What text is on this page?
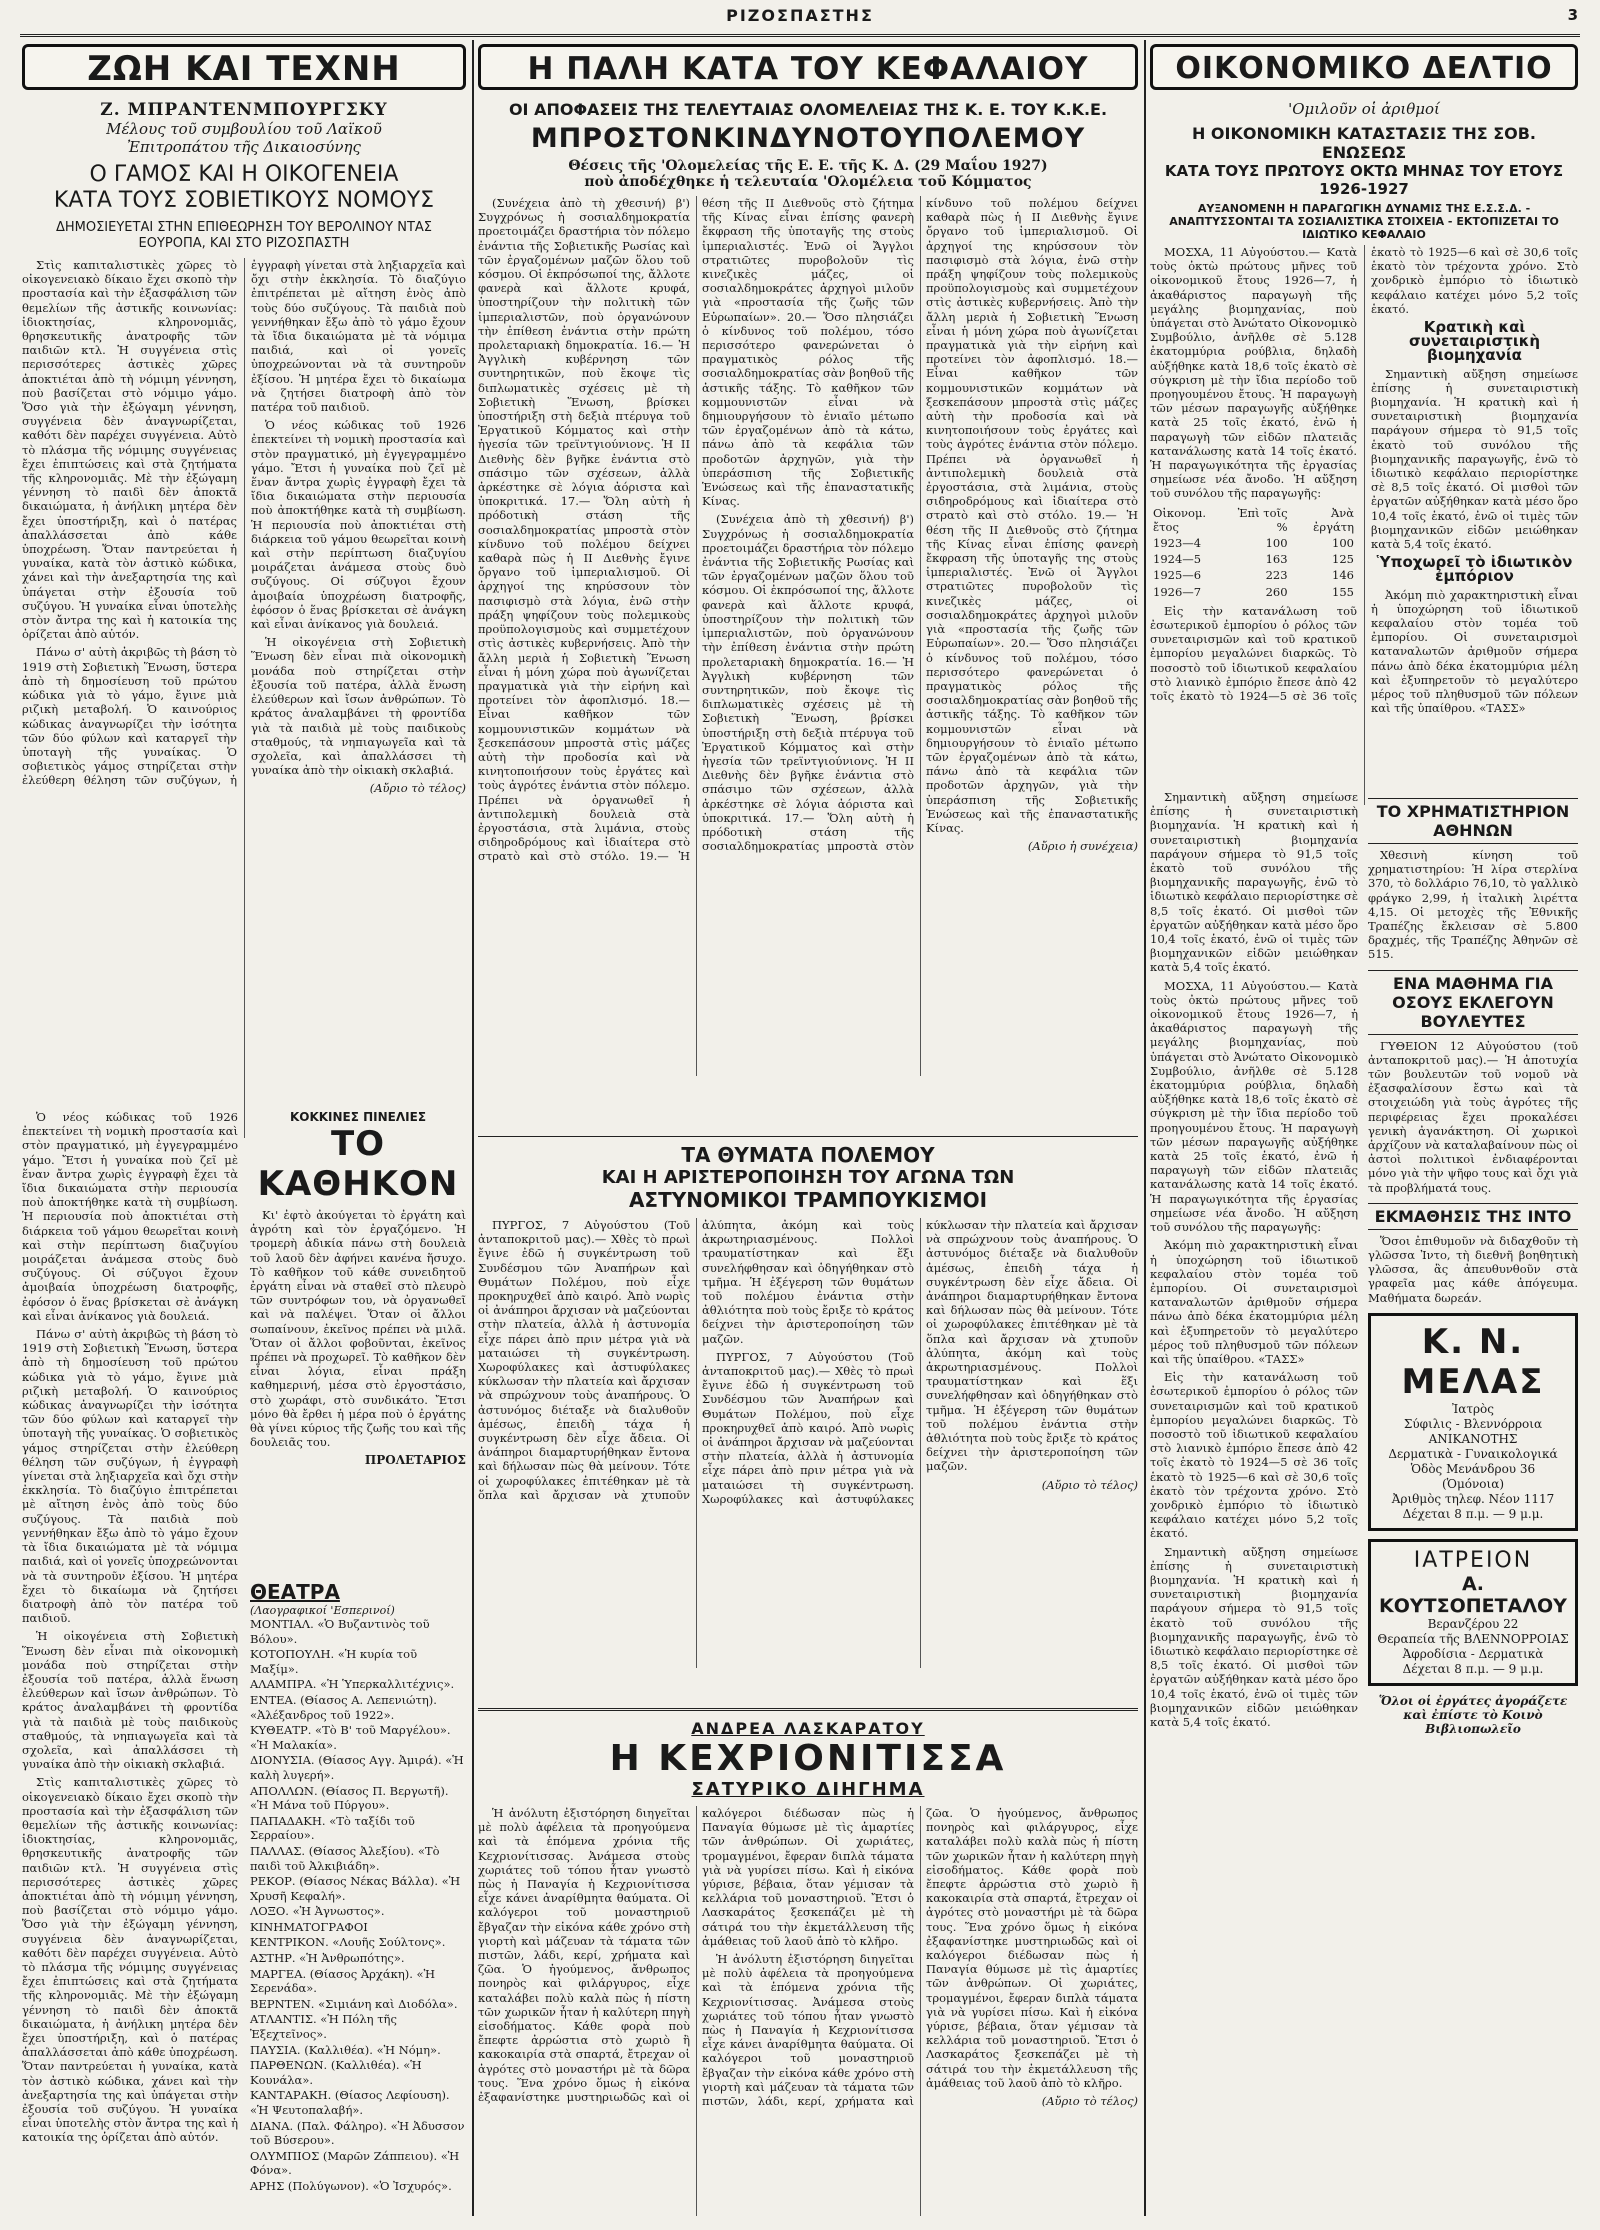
ΡΙΖΟΣΠΑΣΤΗΣ	3
ΖΩΗ ΚΑΙ ΤΕΧΝΗ	Η ΠΑΛΗ ΚΑΤΑ ΤΟΥ ΚΕΦΑΛΑΙΟΥ	ΟΙΚΟΝΟΜΙΚΟ ΔΕΛΤΙΟ
Ζ. ΜΠΡΑΝΤΕΝΜΠΟΥΡΓΣΚΥ
Μέλους τοῦ συμβουλίου τοῦ Λαϊκοῦ
Ἐπιτροπάτου τῆς Δικαιοσύνης
Ο ΓΑΜΟΣ ΚΑΙ Η ΟΙΚΟΓΕΝΕΙΑ
ΚΑΤΑ ΤΟΥΣ ΣΟΒΙΕΤΙΚΟΥΣ ΝΟΜΟΥΣ
ΔΗΜΟΣΙΕΥΕΤΑΙ ΣΤΗΝ ΕΠΙΘΕΩΡΗΣΗ ΤΟΥ ΒΕΡΟΛΙΝΟΥ ΝΤΑΣ ΕΟΥΡΟΠΑ, ΚΑΙ ΣΤΟ ΡΙΖΟΣΠΑΣΤΗ

Στὶς καπιταλιστικὲς χῶρες τὸ οἰκογενειακὸ δίκαιο ἔχει σκοπὸ τὴν προστασία καὶ τὴν ἐξασφάλιση τῶν θεμελίων τῆς ἀστικῆς κοινωνίας: ἰδιοκτησίας, κληρονομιᾶς, θρησκευτικῆς ἀνατροφῆς τῶν παιδιῶν κτλ. Ἡ συγγένεια στὶς περισσότερες ἀστικὲς χῶρες ἀποκτιέται ἀπὸ τὴ νόμιμη γέννηση, ποὺ βασίζεται στὸ νόμιμο γάμο. Ὅσο γιὰ τὴν ἐξώγαμη γέννηση, συγγένεια δὲν ἀναγνωρίζεται, καθότι δὲν παρέχει συγγένεια. Αὐτὸ τὸ πλάσμα τῆς νόμιμης συγγένειας ἔχει ἐπιπτώσεις καὶ στὰ ζητήματα τῆς κληρονομιᾶς. Μὲ τὴν ἐξώγαμη γέννηση τὸ παιδὶ δὲν ἀποκτᾶ δικαιώματα, ἡ ἀνήλικη μητέρα δὲν ἔχει ὑποστήριξη, καὶ ὁ πατέρας ἀπαλλάσσεται ἀπὸ κάθε ὑποχρέωση. Ὅταν παντρεύεται ἡ γυναίκα, κατὰ τὸν ἀστικὸ κώδικα, χάνει καὶ τὴν ἀνεξαρτησία της καὶ ὑπάγεται στὴν ἐξουσία τοῦ συζύγου. Ἡ γυναίκα εἶναι ὑποτελὴς στὸν ἄντρα της καὶ ἡ κατοικία της ὁρίζεται ἀπὸ αὐτόν.

Πάνω σ' αὐτὴ ἀκριβῶς τὴ βάση τὸ 1919 στὴ Σοβιετικὴ Ἕνωση, ὕστερα ἀπὸ τὴ δημοσίευση τοῦ πρώτου κώδικα γιὰ τὸ γάμο, ἔγινε μιὰ ριζικὴ μεταβολή. Ὁ καινούριος κώδικας ἀναγνωρίζει τὴν ἰσότητα τῶν δύο φύλων καὶ καταργεῖ τὴν ὑποταγὴ τῆς γυναίκας. Ὁ σοβιετικὸς γάμος στηρίζεται στὴν ἐλεύθερη θέληση τῶν συζύγων, ἡ ἐγγραφὴ γίνεται στὰ ληξιαρχεῖα καὶ ὄχι στὴν ἐκκλησία. Τὸ διαζύγιο ἐπιτρέπεται μὲ αἴτηση ἑνὸς ἀπὸ τοὺς δύο συζύγους. Τὰ παιδιὰ ποὺ γεννήθηκαν ἔξω ἀπὸ τὸ γάμο ἔχουν τὰ ἴδια δικαιώματα μὲ τὰ νόμιμα παιδιά, καὶ οἱ γονεῖς ὑποχρεώνονται νὰ τὰ συντηροῦν ἐξίσου. Ἡ μητέρα ἔχει τὸ δικαίωμα νὰ ζητήσει διατροφὴ ἀπὸ τὸν πατέρα τοῦ παιδιοῦ.

Ὁ νέος κώδικας τοῦ 1926 ἐπεκτείνει τὴ νομικὴ προστασία καὶ στὸν πραγματικό, μὴ ἐγγεγραμμένο γάμο. Ἔτσι ἡ γυναίκα ποὺ ζεῖ μὲ ἕναν ἄντρα χωρὶς ἐγγραφὴ ἔχει τὰ ἴδια δικαιώματα στὴν περιουσία ποὺ ἀποκτήθηκε κατὰ τὴ συμβίωση. Ἡ περιουσία ποὺ ἀποκτιέται στὴ διάρκεια τοῦ γάμου θεωρεῖται κοινὴ καὶ στὴν περίπτωση διαζυγίου μοιράζεται ἀνάμεσα στοὺς δυὸ συζύγους. Οἱ σύζυγοι ἔχουν ἀμοιβαία ὑποχρέωση διατροφῆς, ἐφόσον ὁ ἕνας βρίσκεται σὲ ἀνάγκη καὶ εἶναι ἀνίκανος γιὰ δουλειά.

Ἡ οἰκογένεια στὴ Σοβιετικὴ Ἕνωση δὲν εἶναι πιὰ οἰκονομικὴ μονάδα ποὺ στηρίζεται στὴν ἐξουσία τοῦ πατέρα, ἀλλὰ ἕνωση ἐλεύθερων καὶ ἴσων ἀνθρώπων. Τὸ κράτος ἀναλαμβάνει τὴ φροντίδα γιὰ τὰ παιδιὰ μὲ τοὺς παιδικοὺς σταθμούς, τὰ νηπιαγωγεῖα καὶ τὰ σχολεῖα, καὶ ἀπαλλάσσει τὴ γυναίκα ἀπὸ τὴν οἰκιακὴ σκλαβιά.

(Αὔριο τὸ τέλος)

ΚΟΚΚΙΝΕΣ ΠΙΝΕΛΙΕΣ
ΤΟ ΚΑΘΗΚΟΝ

Κι' ἐφτὸ ἀκούγεται τὸ ἐργάτη καὶ ἀγρότη καὶ τὸν ἐργαζόμενο. Ἡ τρομερὴ ἀδικία πάνω στὴ δουλειὰ τοῦ λαοῦ δὲν ἀφήνει κανένα ἥσυχο. Τὸ καθῆκον τοῦ κάθε συνειδητοῦ ἐργάτη εἶναι νὰ σταθεῖ στὸ πλευρὸ τῶν συντρόφων του, νὰ ὀργανωθεῖ καὶ νὰ παλέψει. Ὅταν οἱ ἄλλοι σωπαίνουν, ἐκεῖνος πρέπει νὰ μιλᾶ. Ὅταν οἱ ἄλλοι φοβοῦνται, ἐκεῖνος πρέπει νὰ προχωρεῖ. Τὸ καθῆκον δὲν εἶναι λόγια, εἶναι πράξη καθημερινή, μέσα στὸ ἐργοστάσιο, στὸ χωράφι, στὸ συνδικάτο. Ἔτσι μόνο θὰ ἔρθει ἡ μέρα ποὺ ὁ ἐργάτης θὰ γίνει κύριος τῆς ζωῆς του καὶ τῆς δουλειᾶς του.

ΠΡΟΛΕΤΑΡΙΟΣ
ΘΕΑΤΡΑ
(Λαογραφικοί 'Εσπερινοί)
ΜΟΝΤΙΑΛ. «Ὁ Βυζαντινὸς τοῦ Βόλου».
ΚΟΤΟΠΟΥΛΗ. «Ἡ κυρία τοῦ Μαξίμ».
ΑΛΑΜΠΡΑ. «Ἡ Ὑπερκαλλιτέχνις».
ΕΝΤΕΑ. (Θίασος Α. Λεπενιώτη). «Ἀλέξανδρος τοῦ 1922».
ΚΥΘΕΑΤΡ. «Τὸ Β' τοῦ Μαργέλου». «Ἡ Μαλακία».
ΔΙΟΝΥΣΙΑ. (Θίασος Αγγ. Ἀμιρά). «Ἡ καλὴ λυγερή».
ΑΠΟΛΛΩΝ. (Θίασος Π. Βεργωτῆ). «Ἡ Μάνα τοῦ Πύργου».
ΠΑΠΑΔΑΚΗ. «Τὸ ταξίδι τοῦ Σερραίου».
ΠΑΛΛΑΣ. (Θίασος Ἀλεξίου). «Τὸ παιδὶ τοῦ Ἀλκιβιάδη».
ΡΕΚΟΡ. (Θίασος Νέκας Βάλλα). «Ἡ Χρυσῆ Κεφαλή».
ΛΟΞΟ. «Ἡ Ἀγνωστος».
ΚΙΝΗΜΑΤΟΓΡΑΦΟΙ
ΚΕΝΤΡΙΚΟΝ. «Λουῆς Σούλτονς».
ΑΣΤΗΡ. «Ἡ Ἀνθρωπότης».
ΜΑΡΓΕΑ. (Θίασος Ἀρχάκη). «Ἡ Σερενάδα».
ΒΕΡΝΤΕΝ. «Σιμιάνη καὶ Διοδόλα».
ΑΤΛΑΝΤΙΣ. «Ἡ Πόλη τῆς Ἐξεχτεῖνος».
ΠΑΥΣΙΑ. (Καλλιθέα). «Ἡ Νόμη».
ΠΑΡΘΕΝΩΝ. (Καλλιθέα). «Ἡ Κουνάλα».
ΚΑΝΤΑΡΑΚΗ. (Θίασος Λεφίουση). «Ἡ Ψευτοπαλαβή».
ΔΙΑΝΑ. (Παλ. Φάληρο). «Ἡ Ἀδυσσον τοῦ Βύσερου».
ΟΛΥΜΠΙΟΣ (Μαρῶν Ζάππειου). «Ἡ Φόνα».
ΑΡΗΣ (Πολύγωνον). «Ὁ Ἰσχυρός».

Ὁ νέος κώδικας τοῦ 1926 ἐπεκτείνει τὴ νομικὴ προστασία καὶ στὸν πραγματικό, μὴ ἐγγεγραμμένο γάμο. Ἔτσι ἡ γυναίκα ποὺ ζεῖ μὲ ἕναν ἄντρα χωρὶς ἐγγραφὴ ἔχει τὰ ἴδια δικαιώματα στὴν περιουσία ποὺ ἀποκτήθηκε κατὰ τὴ συμβίωση. Ἡ περιουσία ποὺ ἀποκτιέται στὴ διάρκεια τοῦ γάμου θεωρεῖται κοινὴ καὶ στὴν περίπτωση διαζυγίου μοιράζεται ἀνάμεσα στοὺς δυὸ συζύγους. Οἱ σύζυγοι ἔχουν ἀμοιβαία ὑποχρέωση διατροφῆς, ἐφόσον ὁ ἕνας βρίσκεται σὲ ἀνάγκη καὶ εἶναι ἀνίκανος γιὰ δουλειά.

Πάνω σ' αὐτὴ ἀκριβῶς τὴ βάση τὸ 1919 στὴ Σοβιετικὴ Ἕνωση, ὕστερα ἀπὸ τὴ δημοσίευση τοῦ πρώτου κώδικα γιὰ τὸ γάμο, ἔγινε μιὰ ριζικὴ μεταβολή. Ὁ καινούριος κώδικας ἀναγνωρίζει τὴν ἰσότητα τῶν δύο φύλων καὶ καταργεῖ τὴν ὑποταγὴ τῆς γυναίκας. Ὁ σοβιετικὸς γάμος στηρίζεται στὴν ἐλεύθερη θέληση τῶν συζύγων, ἡ ἐγγραφὴ γίνεται στὰ ληξιαρχεῖα καὶ ὄχι στὴν ἐκκλησία. Τὸ διαζύγιο ἐπιτρέπεται μὲ αἴτηση ἑνὸς ἀπὸ τοὺς δύο συζύγους. Τὰ παιδιὰ ποὺ γεννήθηκαν ἔξω ἀπὸ τὸ γάμο ἔχουν τὰ ἴδια δικαιώματα μὲ τὰ νόμιμα παιδιά, καὶ οἱ γονεῖς ὑποχρεώνονται νὰ τὰ συντηροῦν ἐξίσου. Ἡ μητέρα ἔχει τὸ δικαίωμα νὰ ζητήσει διατροφὴ ἀπὸ τὸν πατέρα τοῦ παιδιοῦ.

Ἡ οἰκογένεια στὴ Σοβιετικὴ Ἕνωση δὲν εἶναι πιὰ οἰκονομικὴ μονάδα ποὺ στηρίζεται στὴν ἐξουσία τοῦ πατέρα, ἀλλὰ ἕνωση ἐλεύθερων καὶ ἴσων ἀνθρώπων. Τὸ κράτος ἀναλαμβάνει τὴ φροντίδα γιὰ τὰ παιδιὰ μὲ τοὺς παιδικοὺς σταθμούς, τὰ νηπιαγωγεῖα καὶ τὰ σχολεῖα, καὶ ἀπαλλάσσει τὴ γυναίκα ἀπὸ τὴν οἰκιακὴ σκλαβιά.

Στὶς καπιταλιστικὲς χῶρες τὸ οἰκογενειακὸ δίκαιο ἔχει σκοπὸ τὴν προστασία καὶ τὴν ἐξασφάλιση τῶν θεμελίων τῆς ἀστικῆς κοινωνίας: ἰδιοκτησίας, κληρονομιᾶς, θρησκευτικῆς ἀνατροφῆς τῶν παιδιῶν κτλ. Ἡ συγγένεια στὶς περισσότερες ἀστικὲς χῶρες ἀποκτιέται ἀπὸ τὴ νόμιμη γέννηση, ποὺ βασίζεται στὸ νόμιμο γάμο. Ὅσο γιὰ τὴν ἐξώγαμη γέννηση, συγγένεια δὲν ἀναγνωρίζεται, καθότι δὲν παρέχει συγγένεια. Αὐτὸ τὸ πλάσμα τῆς νόμιμης συγγένειας ἔχει ἐπιπτώσεις καὶ στὰ ζητήματα τῆς κληρονομιᾶς. Μὲ τὴν ἐξώγαμη γέννηση τὸ παιδὶ δὲν ἀποκτᾶ δικαιώματα, ἡ ἀνήλικη μητέρα δὲν ἔχει ὑποστήριξη, καὶ ὁ πατέρας ἀπαλλάσσεται ἀπὸ κάθε ὑποχρέωση. Ὅταν παντρεύεται ἡ γυναίκα, κατὰ τὸν ἀστικὸ κώδικα, χάνει καὶ τὴν ἀνεξαρτησία της καὶ ὑπάγεται στὴν ἐξουσία τοῦ συζύγου. Ἡ γυναίκα εἶναι ὑποτελὴς στὸν ἄντρα της καὶ ἡ κατοικία της ὁρίζεται ἀπὸ αὐτόν.

ΟΙ ΑΠΟΦΑΣΕΙΣ ΤΗΣ ΤΕΛΕΥΤΑΙΑΣ ΟΛΟΜΕΛΕΙΑΣ ΤΗΣ Κ. Ε. ΤΟΥ Κ.Κ.Ε.
ΜΠΡΟΣΤΟΝΚΙΝΔΥΝΟΤΟΥΠΟΛΕΜΟΥ
Θέσεις τῆς 'Ολομελείας τῆς Ε. Ε. τῆς Κ. Δ. (29 Μαΐου 1927)
ποὺ ἀποδέχθηκε ἡ τελευταία 'Ολομέλεια τοῦ Κόμματος

(Συνέχεια ἀπὸ τὴ χθεσινή) β') Συγχρόνως ἡ σοσιαλδημοκρατία προετοιμάζει δραστήρια τὸν πόλεμο ἐνάντια τῆς Σοβιετικῆς Ρωσίας καὶ τῶν ἐργαζομένων μαζῶν ὅλου τοῦ κόσμου. Οἱ ἐκπρόσωποί της, ἄλλοτε φανερὰ καὶ ἄλλοτε κρυφά, ὑποστηρίζουν τὴν πολιτικὴ τῶν ἰμπεριαλιστῶν, ποὺ ὀργανώνουν τὴν ἐπίθεση ἐνάντια στὴν πρώτη προλεταριακὴ δημοκρατία. 16.— Ἡ Ἀγγλικὴ κυβέρνηση τῶν συντηρητικῶν, ποὺ ἔκοψε τὶς διπλωματικὲς σχέσεις μὲ τὴ Σοβιετικὴ Ἕνωση, βρίσκει ὑποστήριξη στὴ δεξιὰ πτέρυγα τοῦ Ἐργατικοῦ Κόμματος καὶ στὴν ἡγεσία τῶν τρεϊντγιούνιονς. Ἡ ΙΙ Διεθνὴς δὲν βγῆκε ἐνάντια στὸ σπάσιμο τῶν σχέσεων, ἀλλὰ ἀρκέστηκε σὲ λόγια ἀόριστα καὶ ὑποκριτικά. 17.— Ὅλη αὐτὴ ἡ πρόδοτικὴ στάση τῆς σοσιαλδημοκρατίας μπροστὰ στὸν κίνδυνο τοῦ πολέμου δείχνει καθαρὰ πὼς ἡ ΙΙ Διεθνὴς ἔγινε ὄργανο τοῦ ἰμπεριαλισμοῦ. Οἱ ἀρχηγοί της κηρύσσουν τὸν πασιφισμὸ στὰ λόγια, ἐνῶ στὴν πράξη ψηφίζουν τοὺς πολεμικοὺς προϋπολογισμοὺς καὶ συμμετέχουν στὶς ἀστικὲς κυβερνήσεις. Ἀπὸ τὴν ἄλλη μεριὰ ἡ Σοβιετικὴ Ἕνωση εἶναι ἡ μόνη χώρα ποὺ ἀγωνίζεται πραγματικὰ γιὰ τὴν εἰρήνη καὶ προτείνει τὸν ἀφοπλισμό. 18.— Εἶναι καθῆκον τῶν κομμουνιστικῶν κομμάτων νὰ ξεσκεπάσουν μπροστὰ στὶς μάζες αὐτὴ τὴν προδοσία καὶ νὰ κινητοποιήσουν τοὺς ἐργάτες καὶ τοὺς ἀγρότες ἐνάντια στὸν πόλεμο. Πρέπει νὰ ὀργανωθεῖ ἡ ἀντιπολεμικὴ δουλειὰ στὰ ἐργοστάσια, στὰ λιμάνια, στοὺς σιδηροδρόμους καὶ ἰδιαίτερα στὸ στρατὸ καὶ στὸ στόλο. 19.— Ἡ θέση τῆς ΙΙ Διεθνοῦς στὸ ζήτημα τῆς Κίνας εἶναι ἐπίσης φανερὴ ἔκφραση τῆς ὑποταγῆς της στοὺς ἰμπεριαλιστές. Ἐνῶ οἱ Ἄγγλοι στρατιῶτες πυροβολοῦν τὶς κινεζικὲς μάζες, οἱ σοσιαλδημοκράτες ἀρχηγοὶ μιλοῦν γιὰ «προστασία τῆς ζωῆς τῶν Εὐρωπαίων». 20.— Ὅσο πλησιάζει ὁ κίνδυνος τοῦ πολέμου, τόσο περισσότερο φανερώνεται ὁ πραγματικὸς ρόλος τῆς σοσιαλδημοκρατίας σὰν βοηθοῦ τῆς ἀστικῆς τάξης. Τὸ καθῆκον τῶν κομμουνιστῶν εἶναι νὰ δημιουργήσουν τὸ ἑνιαῖο μέτωπο τῶν ἐργαζομένων ἀπὸ τὰ κάτω, πάνω ἀπὸ τὰ κεφάλια τῶν προδοτῶν ἀρχηγῶν, γιὰ τὴν ὑπεράσπιση τῆς Σοβιετικῆς Ἑνώσεως καὶ τῆς ἐπαναστατικῆς Κίνας.

(Συνέχεια ἀπὸ τὴ χθεσινή) β') Συγχρόνως ἡ σοσιαλδημοκρατία προετοιμάζει δραστήρια τὸν πόλεμο ἐνάντια τῆς Σοβιετικῆς Ρωσίας καὶ τῶν ἐργαζομένων μαζῶν ὅλου τοῦ κόσμου. Οἱ ἐκπρόσωποί της, ἄλλοτε φανερὰ καὶ ἄλλοτε κρυφά, ὑποστηρίζουν τὴν πολιτικὴ τῶν ἰμπεριαλιστῶν, ποὺ ὀργανώνουν τὴν ἐπίθεση ἐνάντια στὴν πρώτη προλεταριακὴ δημοκρατία. 16.— Ἡ Ἀγγλικὴ κυβέρνηση τῶν συντηρητικῶν, ποὺ ἔκοψε τὶς διπλωματικὲς σχέσεις μὲ τὴ Σοβιετικὴ Ἕνωση, βρίσκει ὑποστήριξη στὴ δεξιὰ πτέρυγα τοῦ Ἐργατικοῦ Κόμματος καὶ στὴν ἡγεσία τῶν τρεϊντγιούνιονς. Ἡ ΙΙ Διεθνὴς δὲν βγῆκε ἐνάντια στὸ σπάσιμο τῶν σχέσεων, ἀλλὰ ἀρκέστηκε σὲ λόγια ἀόριστα καὶ ὑποκριτικά. 17.— Ὅλη αὐτὴ ἡ πρόδοτικὴ στάση τῆς σοσιαλδημοκρατίας μπροστὰ στὸν κίνδυνο τοῦ πολέμου δείχνει καθαρὰ πὼς ἡ ΙΙ Διεθνὴς ἔγινε ὄργανο τοῦ ἰμπεριαλισμοῦ. Οἱ ἀρχηγοί της κηρύσσουν τὸν πασιφισμὸ στὰ λόγια, ἐνῶ στὴν πράξη ψηφίζουν τοὺς πολεμικοὺς προϋπολογισμοὺς καὶ συμμετέχουν στὶς ἀστικὲς κυβερνήσεις. Ἀπὸ τὴν ἄλλη μεριὰ ἡ Σοβιετικὴ Ἕνωση εἶναι ἡ μόνη χώρα ποὺ ἀγωνίζεται πραγματικὰ γιὰ τὴν εἰρήνη καὶ προτείνει τὸν ἀφοπλισμό. 18.— Εἶναι καθῆκον τῶν κομμουνιστικῶν κομμάτων νὰ ξεσκεπάσουν μπροστὰ στὶς μάζες αὐτὴ τὴν προδοσία καὶ νὰ κινητοποιήσουν τοὺς ἐργάτες καὶ τοὺς ἀγρότες ἐνάντια στὸν πόλεμο. Πρέπει νὰ ὀργανωθεῖ ἡ ἀντιπολεμικὴ δουλειὰ στὰ ἐργοστάσια, στὰ λιμάνια, στοὺς σιδηροδρόμους καὶ ἰδιαίτερα στὸ στρατὸ καὶ στὸ στόλο. 19.— Ἡ θέση τῆς ΙΙ Διεθνοῦς στὸ ζήτημα τῆς Κίνας εἶναι ἐπίσης φανερὴ ἔκφραση τῆς ὑποταγῆς της στοὺς ἰμπεριαλιστές. Ἐνῶ οἱ Ἄγγλοι στρατιῶτες πυροβολοῦν τὶς κινεζικὲς μάζες, οἱ σοσιαλδημοκράτες ἀρχηγοὶ μιλοῦν γιὰ «προστασία τῆς ζωῆς τῶν Εὐρωπαίων». 20.— Ὅσο πλησιάζει ὁ κίνδυνος τοῦ πολέμου, τόσο περισσότερο φανερώνεται ὁ πραγματικὸς ρόλος τῆς σοσιαλδημοκρατίας σὰν βοηθοῦ τῆς ἀστικῆς τάξης. Τὸ καθῆκον τῶν κομμουνιστῶν εἶναι νὰ δημιουργήσουν τὸ ἑνιαῖο μέτωπο τῶν ἐργαζομένων ἀπὸ τὰ κάτω, πάνω ἀπὸ τὰ κεφάλια τῶν προδοτῶν ἀρχηγῶν, γιὰ τὴν ὑπεράσπιση τῆς Σοβιετικῆς Ἑνώσεως καὶ τῆς ἐπαναστατικῆς Κίνας.

(Αὔριο ἡ συνέχεια)

ΤΑ ΘΥΜΑΤΑ ΠΟΛΕΜΟΥ
ΚΑΙ Η ΑΡΙΣΤΕΡΟΠΟΙΗΣΗ ΤΟΥ ΑΓΩΝΑ ΤΩΝ
ΑΣΤΥΝΟΜΙΚΟΙ ΤΡΑΜΠΟΥΚΙΣΜΟΙ

ΠΥΡΓΟΣ, 7 Αὐγούστου (Τοῦ ἀνταποκριτοῦ μας).— Χθὲς τὸ πρωὶ ἔγινε ἐδῶ ἡ συγκέντρωση τοῦ Συνδέσμου τῶν Ἀναπήρων καὶ Θυμάτων Πολέμου, ποὺ εἶχε προκηρυχθεῖ ἀπὸ καιρό. Ἀπὸ νωρὶς οἱ ἀνάπηροι ἄρχισαν νὰ μαζεύονται στὴν πλατεία, ἀλλὰ ἡ ἀστυνομία εἶχε πάρει ἀπὸ πριν μέτρα γιὰ νὰ ματαιώσει τὴ συγκέντρωση. Χωροφύλακες καὶ ἀστυφύλακες κύκλωσαν τὴν πλατεία καὶ ἄρχισαν νὰ σπρώχνουν τοὺς ἀναπήρους. Ὁ ἀστυνόμος διέταξε νὰ διαλυθοῦν ἀμέσως, ἐπειδὴ τάχα ἡ συγκέντρωση δὲν εἶχε ἄδεια. Οἱ ἀνάπηροι διαμαρτυρήθηκαν ἔντονα καὶ δήλωσαν πὼς θὰ μείνουν. Τότε οἱ χωροφύλακες ἐπιτέθηκαν μὲ τὰ ὅπλα καὶ ἄρχισαν νὰ χτυποῦν ἀλύπητα, ἀκόμη καὶ τοὺς ἀκρωτηριασμένους. Πολλοὶ τραυματίστηκαν καὶ ἕξι συνελήφθησαν καὶ ὁδηγήθηκαν στὸ τμῆμα. Ἡ ἐξέγερση τῶν θυμάτων τοῦ πολέμου ἐνάντια στὴν ἀθλιότητα ποὺ τοὺς ἔριξε τὸ κράτος δείχνει τὴν ἀριστεροποίηση τῶν μαζῶν.

ΠΥΡΓΟΣ, 7 Αὐγούστου (Τοῦ ἀνταποκριτοῦ μας).— Χθὲς τὸ πρωὶ ἔγινε ἐδῶ ἡ συγκέντρωση τοῦ Συνδέσμου τῶν Ἀναπήρων καὶ Θυμάτων Πολέμου, ποὺ εἶχε προκηρυχθεῖ ἀπὸ καιρό. Ἀπὸ νωρὶς οἱ ἀνάπηροι ἄρχισαν νὰ μαζεύονται στὴν πλατεία, ἀλλὰ ἡ ἀστυνομία εἶχε πάρει ἀπὸ πριν μέτρα γιὰ νὰ ματαιώσει τὴ συγκέντρωση. Χωροφύλακες καὶ ἀστυφύλακες κύκλωσαν τὴν πλατεία καὶ ἄρχισαν νὰ σπρώχνουν τοὺς ἀναπήρους. Ὁ ἀστυνόμος διέταξε νὰ διαλυθοῦν ἀμέσως, ἐπειδὴ τάχα ἡ συγκέντρωση δὲν εἶχε ἄδεια. Οἱ ἀνάπηροι διαμαρτυρήθηκαν ἔντονα καὶ δήλωσαν πὼς θὰ μείνουν. Τότε οἱ χωροφύλακες ἐπιτέθηκαν μὲ τὰ ὅπλα καὶ ἄρχισαν νὰ χτυποῦν ἀλύπητα, ἀκόμη καὶ τοὺς ἀκρωτηριασμένους. Πολλοὶ τραυματίστηκαν καὶ ἕξι συνελήφθησαν καὶ ὁδηγήθηκαν στὸ τμῆμα. Ἡ ἐξέγερση τῶν θυμάτων τοῦ πολέμου ἐνάντια στὴν ἀθλιότητα ποὺ τοὺς ἔριξε τὸ κράτος δείχνει τὴν ἀριστεροποίηση τῶν μαζῶν.

(Αὔριο τὸ τέλος)

ΑΝΔΡΕΑ ΛΑΣΚΑΡΑΤΟΥ
Η ΚΕΧΡΙΟΝΙΤΙΣΣΑ
ΣΑΤΥΡΙΚΟ ΔΙΗΓΗΜΑ

Ἡ ἀνόλυτη ἐξιστόρηση διηγεῖται μὲ πολὺ ἀφέλεια τὰ προηγούμενα καὶ τὰ ἑπόμενα χρόνια τῆς Κεχριονίτισσας. Ἀνάμεσα στοὺς χωριάτες τοῦ τόπου ἦταν γνωστὸ πὼς ἡ Παναγία ἡ Κεχριονίτισσα εἶχε κάνει ἀναρίθμητα θαύματα. Οἱ καλόγεροι τοῦ μοναστηριοῦ ἔβγαζαν τὴν εἰκόνα κάθε χρόνο στὴ γιορτὴ καὶ μάζευαν τὰ τάματα τῶν πιστῶν, λάδι, κερί, χρήματα καὶ ζῶα. Ὁ ἡγούμενος, ἄνθρωπος πονηρὸς καὶ φιλάργυρος, εἶχε καταλάβει πολὺ καλὰ πὼς ἡ πίστη τῶν χωρικῶν ἦταν ἡ καλύτερη πηγὴ εἰσοδήματος. Κάθε φορὰ ποὺ ἔπεφτε ἀρρώστια στὸ χωριὸ ἢ κακοκαιρία στὰ σπαρτά, ἔτρεχαν οἱ ἀγρότες στὸ μοναστήρι μὲ τὰ δῶρα τους. Ἕνα χρόνο ὅμως ἡ εἰκόνα ἐξαφανίστηκε μυστηριωδῶς καὶ οἱ καλόγεροι διέδωσαν πὼς ἡ Παναγία θύμωσε μὲ τὶς ἁμαρτίες τῶν ἀνθρώπων. Οἱ χωριάτες, τρομαγμένοι, ἔφεραν διπλὰ τάματα γιὰ νὰ γυρίσει πίσω. Καὶ ἡ εἰκόνα γύρισε, βέβαια, ὅταν γέμισαν τὰ κελλάρια τοῦ μοναστηριοῦ. Ἔτσι ὁ Λασκαράτος ξεσκεπάζει μὲ τὴ σάτιρά του τὴν ἐκμετάλλευση τῆς ἀμάθειας τοῦ λαοῦ ἀπὸ τὸ κλῆρο.

Ἡ ἀνόλυτη ἐξιστόρηση διηγεῖται μὲ πολὺ ἀφέλεια τὰ προηγούμενα καὶ τὰ ἑπόμενα χρόνια τῆς Κεχριονίτισσας. Ἀνάμεσα στοὺς χωριάτες τοῦ τόπου ἦταν γνωστὸ πὼς ἡ Παναγία ἡ Κεχριονίτισσα εἶχε κάνει ἀναρίθμητα θαύματα. Οἱ καλόγεροι τοῦ μοναστηριοῦ ἔβγαζαν τὴν εἰκόνα κάθε χρόνο στὴ γιορτὴ καὶ μάζευαν τὰ τάματα τῶν πιστῶν, λάδι, κερί, χρήματα καὶ ζῶα. Ὁ ἡγούμενος, ἄνθρωπος πονηρὸς καὶ φιλάργυρος, εἶχε καταλάβει πολὺ καλὰ πὼς ἡ πίστη τῶν χωρικῶν ἦταν ἡ καλύτερη πηγὴ εἰσοδήματος. Κάθε φορὰ ποὺ ἔπεφτε ἀρρώστια στὸ χωριὸ ἢ κακοκαιρία στὰ σπαρτά, ἔτρεχαν οἱ ἀγρότες στὸ μοναστήρι μὲ τὰ δῶρα τους. Ἕνα χρόνο ὅμως ἡ εἰκόνα ἐξαφανίστηκε μυστηριωδῶς καὶ οἱ καλόγεροι διέδωσαν πὼς ἡ Παναγία θύμωσε μὲ τὶς ἁμαρτίες τῶν ἀνθρώπων. Οἱ χωριάτες, τρομαγμένοι, ἔφεραν διπλὰ τάματα γιὰ νὰ γυρίσει πίσω. Καὶ ἡ εἰκόνα γύρισε, βέβαια, ὅταν γέμισαν τὰ κελλάρια τοῦ μοναστηριοῦ. Ἔτσι ὁ Λασκαράτος ξεσκεπάζει μὲ τὴ σάτιρά του τὴν ἐκμετάλλευση τῆς ἀμάθειας τοῦ λαοῦ ἀπὸ τὸ κλῆρο.

(Αὔριο τὸ τέλος)

'Ομιλοῦν οἱ ἀριθμοί
Η ΟΙΚΟΝΟΜΙΚΗ ΚΑΤΑΣΤΑΣΙΣ ΤΗΣ ΣΟΒ. ΕΝΩΣΕΩΣ
ΚΑΤΑ ΤΟΥΣ ΠΡΩΤΟΥΣ ΟΚΤΩ ΜΗΝΑΣ ΤΟΥ ΕΤΟΥΣ 1926-1927
ΑΥΞΑΝΟΜΕΝΗ Η ΠΑΡΑΓΩΓΙΚΗ ΔΥΝΑΜΙΣ ΤΗΣ Ε.Σ.Σ.Δ. - ΑΝΑΠΤΥΣΣΟΝΤΑΙ ΤΑ ΣΟΣΙΑΛΙΣΤΙΚΑ ΣΤΟΙΧΕΙΑ - ΕΚΤΟΠΙΖΕΤΑΙ ΤΟ ΙΔΙΩΤΙΚΟ ΚΕΦΑΛΑΙΟ

ΜΟΣΧΑ, 11 Αὐγούστου.— Κατὰ τοὺς ὀκτὼ πρώτους μῆνες τοῦ οἰκονομικοῦ ἔτους 1926—7, ἡ ἀκαθάριστος παραγωγὴ τῆς μεγάλης βιομηχανίας, ποὺ ὑπάγεται στὸ Ἀνώτατο Οἰκονομικὸ Συμβούλιο, ἀνῆλθε σὲ 5.128 ἑκατομμύρια ρούβλια, δηλαδὴ αὐξήθηκε κατὰ 18,6 τοῖς ἑκατὸ σὲ σύγκριση μὲ τὴν ἴδια περίοδο τοῦ προηγουμένου ἔτους. Ἡ παραγωγὴ τῶν μέσων παραγωγῆς αὐξήθηκε κατὰ 25 τοῖς ἑκατό, ἐνῶ ἡ παραγωγὴ τῶν εἰδῶν πλατειᾶς κατανάλωσης κατὰ 14 τοῖς ἑκατό. Ἡ παραγωγικότητα τῆς ἐργασίας σημείωσε νέα ἄνοδο. Ἡ αὔξηση τοῦ συνόλου τῆς παραγωγῆς:

Οἰκονομ. ἔτος	Ἐπὶ τοῖς %	Ἀνὰ ἐργάτη
1923—4	100	100
1924—5	163	125
1925—6	223	146
1926—7	260	155

Εἰς τὴν κατανάλωση τοῦ ἐσωτερικοῦ ἐμπορίου ὁ ρόλος τῶν συνεταιρισμῶν καὶ τοῦ κρατικοῦ ἐμπορίου μεγαλώνει διαρκῶς. Τὸ ποσοστὸ τοῦ ἰδιωτικοῦ κεφαλαίου στὸ λιανικὸ ἐμπόριο ἔπεσε ἀπὸ 42 τοῖς ἑκατὸ τὸ 1924—5 σὲ 36 τοῖς ἑκατὸ τὸ 1925—6 καὶ σὲ 30,6 τοῖς ἑκατὸ τὸν τρέχοντα χρόνο. Στὸ χονδρικὸ ἐμπόριο τὸ ἰδιωτικὸ κεφάλαιο κατέχει μόνο 5,2 τοῖς ἑκατό.

Κρατικὴ καὶ συνεταιριστικὴ βιομηχανία

Σημαντικὴ αὔξηση σημείωσε ἐπίσης ἡ συνεταιριστικὴ βιομηχανία. Ἡ κρατικὴ καὶ ἡ συνεταιριστικὴ βιομηχανία παράγουν σήμερα τὸ 91,5 τοῖς ἑκατὸ τοῦ συνόλου τῆς βιομηχανικῆς παραγωγῆς, ἐνῶ τὸ ἰδιωτικὸ κεφάλαιο περιορίστηκε σὲ 8,5 τοῖς ἑκατό. Οἱ μισθοὶ τῶν ἐργατῶν αὐξήθηκαν κατὰ μέσο ὅρο 10,4 τοῖς ἑκατό, ἐνῶ οἱ τιμὲς τῶν βιομηχανικῶν εἰδῶν μειώθηκαν κατὰ 5,4 τοῖς ἑκατό.

Ὑποχωρεῖ τὸ ἰδιωτικὸν ἐμπόριον

Ἀκόμη πιὸ χαρακτηριστικὴ εἶναι ἡ ὑποχώρηση τοῦ ἰδιωτικοῦ κεφαλαίου στὸν τομέα τοῦ ἐμπορίου. Οἱ συνεταιρισμοὶ καταναλωτῶν ἀριθμοῦν σήμερα πάνω ἀπὸ δέκα ἑκατομμύρια μέλη καὶ ἐξυπηρετοῦν τὸ μεγαλύτερο μέρος τοῦ πληθυσμοῦ τῶν πόλεων καὶ τῆς ὑπαίθρου. «ΤΑΣΣ»

Σημαντικὴ αὔξηση σημείωσε ἐπίσης ἡ συνεταιριστικὴ βιομηχανία. Ἡ κρατικὴ καὶ ἡ συνεταιριστικὴ βιομηχανία παράγουν σήμερα τὸ 91,5 τοῖς ἑκατὸ τοῦ συνόλου τῆς βιομηχανικῆς παραγωγῆς, ἐνῶ τὸ ἰδιωτικὸ κεφάλαιο περιορίστηκε σὲ 8,5 τοῖς ἑκατό. Οἱ μισθοὶ τῶν ἐργατῶν αὐξήθηκαν κατὰ μέσο ὅρο 10,4 τοῖς ἑκατό, ἐνῶ οἱ τιμὲς τῶν βιομηχανικῶν εἰδῶν μειώθηκαν κατὰ 5,4 τοῖς ἑκατό.

ΜΟΣΧΑ, 11 Αὐγούστου.— Κατὰ τοὺς ὀκτὼ πρώτους μῆνες τοῦ οἰκονομικοῦ ἔτους 1926—7, ἡ ἀκαθάριστος παραγωγὴ τῆς μεγάλης βιομηχανίας, ποὺ ὑπάγεται στὸ Ἀνώτατο Οἰκονομικὸ Συμβούλιο, ἀνῆλθε σὲ 5.128 ἑκατομμύρια ρούβλια, δηλαδὴ αὐξήθηκε κατὰ 18,6 τοῖς ἑκατὸ σὲ σύγκριση μὲ τὴν ἴδια περίοδο τοῦ προηγουμένου ἔτους. Ἡ παραγωγὴ τῶν μέσων παραγωγῆς αὐξήθηκε κατὰ 25 τοῖς ἑκατό, ἐνῶ ἡ παραγωγὴ τῶν εἰδῶν πλατειᾶς κατανάλωσης κατὰ 14 τοῖς ἑκατό. Ἡ παραγωγικότητα τῆς ἐργασίας σημείωσε νέα ἄνοδο. Ἡ αὔξηση τοῦ συνόλου τῆς παραγωγῆς:

Ἀκόμη πιὸ χαρακτηριστικὴ εἶναι ἡ ὑποχώρηση τοῦ ἰδιωτικοῦ κεφαλαίου στὸν τομέα τοῦ ἐμπορίου. Οἱ συνεταιρισμοὶ καταναλωτῶν ἀριθμοῦν σήμερα πάνω ἀπὸ δέκα ἑκατομμύρια μέλη καὶ ἐξυπηρετοῦν τὸ μεγαλύτερο μέρος τοῦ πληθυσμοῦ τῶν πόλεων καὶ τῆς ὑπαίθρου. «ΤΑΣΣ»

Εἰς τὴν κατανάλωση τοῦ ἐσωτερικοῦ ἐμπορίου ὁ ρόλος τῶν συνεταιρισμῶν καὶ τοῦ κρατικοῦ ἐμπορίου μεγαλώνει διαρκῶς. Τὸ ποσοστὸ τοῦ ἰδιωτικοῦ κεφαλαίου στὸ λιανικὸ ἐμπόριο ἔπεσε ἀπὸ 42 τοῖς ἑκατὸ τὸ 1924—5 σὲ 36 τοῖς ἑκατὸ τὸ 1925—6 καὶ σὲ 30,6 τοῖς ἑκατὸ τὸν τρέχοντα χρόνο. Στὸ χονδρικὸ ἐμπόριο τὸ ἰδιωτικὸ κεφάλαιο κατέχει μόνο 5,2 τοῖς ἑκατό.

Σημαντικὴ αὔξηση σημείωσε ἐπίσης ἡ συνεταιριστικὴ βιομηχανία. Ἡ κρατικὴ καὶ ἡ συνεταιριστικὴ βιομηχανία παράγουν σήμερα τὸ 91,5 τοῖς ἑκατὸ τοῦ συνόλου τῆς βιομηχανικῆς παραγωγῆς, ἐνῶ τὸ ἰδιωτικὸ κεφάλαιο περιορίστηκε σὲ 8,5 τοῖς ἑκατό. Οἱ μισθοὶ τῶν ἐργατῶν αὐξήθηκαν κατὰ μέσο ὅρο 10,4 τοῖς ἑκατό, ἐνῶ οἱ τιμὲς τῶν βιομηχανικῶν εἰδῶν μειώθηκαν κατὰ 5,4 τοῖς ἑκατό.

ΤΟ ΧΡΗΜΑΤΙΣΤΗΡΙΟΝ ΑΘΗΝΩΝ

Χθεσινὴ κίνηση τοῦ χρηματιστηρίου: Ἡ λίρα στερλίνα 370, τὸ δολλάριο 76,10, τὸ γαλλικὸ φράγκο 2,99, ἡ ἰταλικὴ λιρέττα 4,15. Οἱ μετοχὲς τῆς Ἐθνικῆς Τραπέζης ἔκλεισαν σὲ 5.800 δραχμές, τῆς Τραπέζης Ἀθηνῶν σὲ 515.

ΕΝΑ ΜΑΘΗΜΑ ΓΙΑ ΟΣΟΥΣ ΕΚΛΕΓΟΥΝ ΒΟΥΛΕΥΤΕΣ

ΓΥΘΕΙΟΝ 12 Αὐγούστου (τοῦ ἀνταποκριτοῦ μας).— Ἡ ἀποτυχία τῶν βουλευτῶν τοῦ νομοῦ νὰ ἐξασφαλίσουν ἔστω καὶ τὰ στοιχειώδη γιὰ τοὺς ἀγρότες τῆς περιφέρειας ἔχει προκαλέσει γενικὴ ἀγανάκτηση. Οἱ χωρικοὶ ἀρχίζουν νὰ καταλαβαίνουν πὼς οἱ ἀστοὶ πολιτικοὶ ἐνδιαφέρονται μόνο γιὰ τὴν ψῆφο τους καὶ ὄχι γιὰ τὰ προβλήματά τους.

ΕΚΜΑΘΗΣΙΣ ΤΗΣ ΙΝΤΟ

Ὅσοι ἐπιθυμοῦν νὰ διδαχθοῦν τὴ γλῶσσα Ἰντο, τὴ διεθνῆ βοηθητικὴ γλῶσσα, ἂς ἀπευθυνθοῦν στὰ γραφεῖα μας κάθε ἀπόγευμα. Μαθήματα δωρεάν.

Κ. Ν. ΜΕΛΑΣ
Ἰατρὸς
Σύφιλις - Βλεννόρροια
ΑΝΙΚΑΝΟΤΗΣ
Δερματικὰ - Γυναικολογικά
Ὁδὸς Μενάνδρου 36
(Ὁμόνοια)
Ἀριθμὸς τηλεφ. Νέον 1117
Δέχεται 8 π.μ. — 9 μ.μ.
ΙΑΤΡΕΙΟΝ
Α. ΚΟΥΤΣΟΠΕΤΑΛΟΥ
Βερανζέρου 22
Θεραπεία τῆς ΒΛΕΝΝΟΡΡΟΙΑΣ
Ἀφροδίσια - Δερματικὰ
Δέχεται 8 π.μ. — 9 μ.μ.
Ὅλοι οἱ ἐργάτες ἀγοράζετε καὶ ἐπίστε τὸ Κοινὸ Βιβλιοπωλεῖο
